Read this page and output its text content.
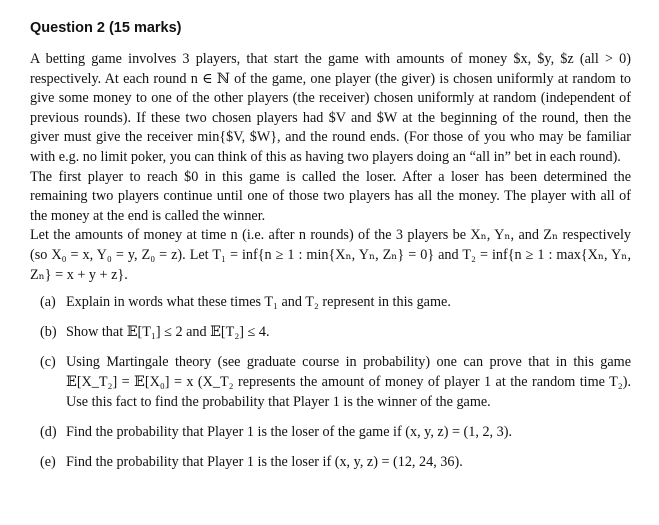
Question 2 (15 marks)

A betting game involves 3 players, that start the game with amounts of money $x, $y, $z (all > 0) respectively. At each round n ∈ ℕ of the game, one player (the giver) is chosen uniformly at random to give some money to one of the other players (the receiver) chosen uniformly at random (independent of previous rounds). If these two chosen players had $V and $W at the beginning of the round, then the giver must give the receiver min{$V, $W}, and the round ends. (For those of you who may be familiar with e.g. no limit poker, you can think of this as having two players doing an “all in” bet in each round).

The first player to reach $0 in this game is called the loser. After a loser has been determined the remaining two players continue until one of those two players has all the money. The player with all of the money at the end is called the winner.

Let the amounts of money at time n (i.e. after n rounds) of the 3 players be Xₙ, Yₙ, and Zₙ respectively (so X₀ = x, Y₀ = y, Z₀ = z). Let T₁ = inf{n ≥ 1 : min{Xₙ, Yₙ, Zₙ} = 0} and T₂ = inf{n ≥ 1 : max{Xₙ, Yₙ, Zₙ} = x + y + z}.

(a) Explain in words what these times T₁ and T₂ represent in this game.
(b) Show that 𝔼[T₁] ≤ 2 and 𝔼[T₂] ≤ 4.
(c) Using Martingale theory (see graduate course in probability) one can prove that in this game 𝔼[X_T₂] = 𝔼[X₀] = x (X_T₂ represents the amount of money of player 1 at the random time T₂). Use this fact to find the probability that Player 1 is the winner of the game.
(d) Find the probability that Player 1 is the loser of the game if (x, y, z) = (1, 2, 3).
(e) Find the probability that Player 1 is the loser if (x, y, z) = (12, 24, 36).
